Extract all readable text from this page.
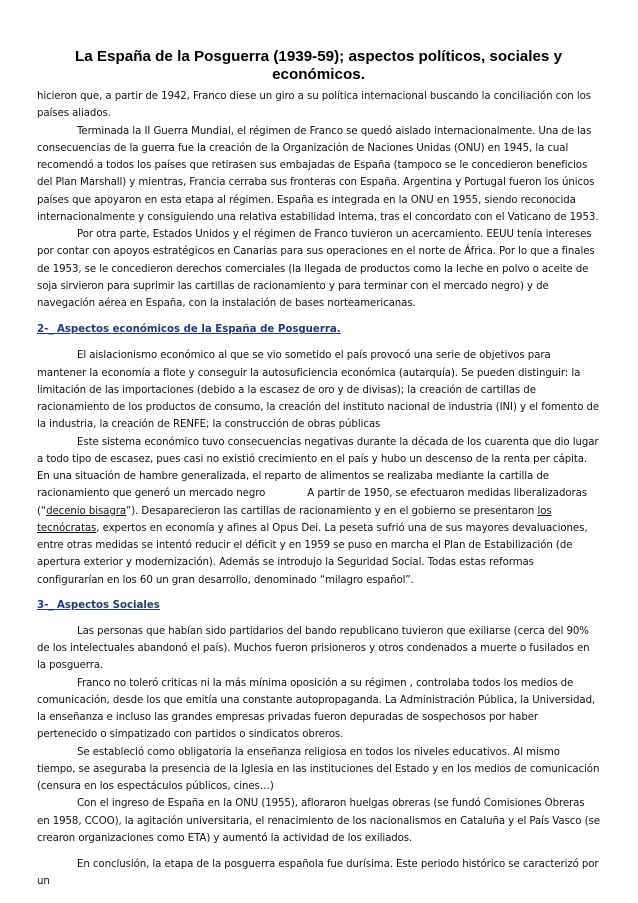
La España de la Posguerra (1939-59); aspectos políticos, sociales y económicos.

hicieron que, a partir de 1942, Franco diese un giro a su política internacional buscando la conciliación con los países aliados.

Terminada la II Guerra Mundial, el régimen de Franco se quedó aislado internacionalmente. Una de las consecuencias de la guerra fue la creación de la Organización de Naciones Unidas (ONU) en 1945, la cual recomendó a todos los países que retirasen sus embajadas de España (tampoco se le concedieron beneficios del Plan Marshall) y mientras, Francia cerraba sus fronteras con España. Argentina y Portugal fueron los únicos países que apoyaron en esta etapa al régimen. España es integrada en la ONU en 1955, siendo reconocida internacionalmente y consiguiendo una relativa estabilidad interna, tras el concordato con el Vaticano de 1953.

Por otra parte, Estados Unidos y el régimen de Franco tuvieron un acercamiento. EEUU tenía intereses por contar con apoyos estratégicos en Canarias para sus operaciones en el norte de África. Por lo que a finales de 1953, se le concedieron derechos comerciales (la llegada de productos como la leche en polvo o aceite de soja sirvieron para suprimir las cartillas de racionamiento y para terminar con el mercado negro) y de navegación aérea en España, con la instalación de bases norteamericanas.

2-_ Aspectos económicos de la España de Posguerra.

El aislacionismo económico al que se vio sometido el país provocó una serie de objetivos para mantener la economía a flote y conseguir la autosuficiencia económica (autarquía). Se pueden distinguir: la limitación de las importaciones (debido a la escasez de oro y de divisas); la creación de cartillas de racionamiento de los productos de consumo, la creación del instituto nacional de industria (INI) y el fomento de la industria, la creación de RENFE; la construcción de obras públicas

Este sistema económico tuvo consecuencias negativas durante la década de los cuarenta que dio lugar a todo tipo de escasez, pues casi no existió crecimiento en el país y hubo un descenso de la renta per cápita. En una situación de hambre generalizada, el reparto de alimentos se realizaba mediante la cartilla de racionamiento que generó un mercado negro	A partir de 1950, se efectuaron medidas liberalizadoras (“decenio bisagra”). Desaparecieron las cartillas de racionamiento y en el gobierno se presentaron los tecnócratas, expertos en economía y afines al Opus Dei. La peseta sufrió una de sus mayores devaluaciones, entre otras medidas se intentó reducir el déficit y en 1959 se puso en marcha el Plan de Estabilización (de apertura exterior y modernización). Además se introdujo la Seguridad Social. Todas estas reformas configurarían en los 60 un gran desarrollo, denominado “milagro español”.

3-_ Aspectos Sociales

Las personas que habían sido partidarios del bando republicano tuvieron que exiliarse (cerca del 90% de los intelectuales abandonó el país). Muchos fueron prisioneros y otros condenados a muerte o fusilados en la posguerra.

Franco no toleró criticas ni la más mínima oposición a su régimen , controlaba todos los medios de comunicación, desde los que emitía una constante autopropaganda. La Administración Pública, la Universidad, la enseñanza e incluso las grandes empresas privadas fueron depuradas de sospechosos por haber pertenecido o simpatizado con partidos o sindicatos obreros.

Se estableció como obligatoria la enseñanza religiosa en todos los niveles educativos. Al mismo tiempo, se aseguraba la presencia de la Iglesia en las instituciones del Estado y en los medios de comunicación (censura en los espectáculos públicos, cines…)

Con el ingreso de España en la ONU (1955), afloraron huelgas obreras (se fundó Comisiones Obreras en 1958, CCOO), la agitación universitaria, el renacimiento de los nacionalismos en Cataluña y el País Vasco (se crearon organizaciones como ETA) y aumentó la actividad de los exiliados.

En conclusión, la etapa de la posguerra española fue durísima. Este periodo histórico se caracterizó por un
